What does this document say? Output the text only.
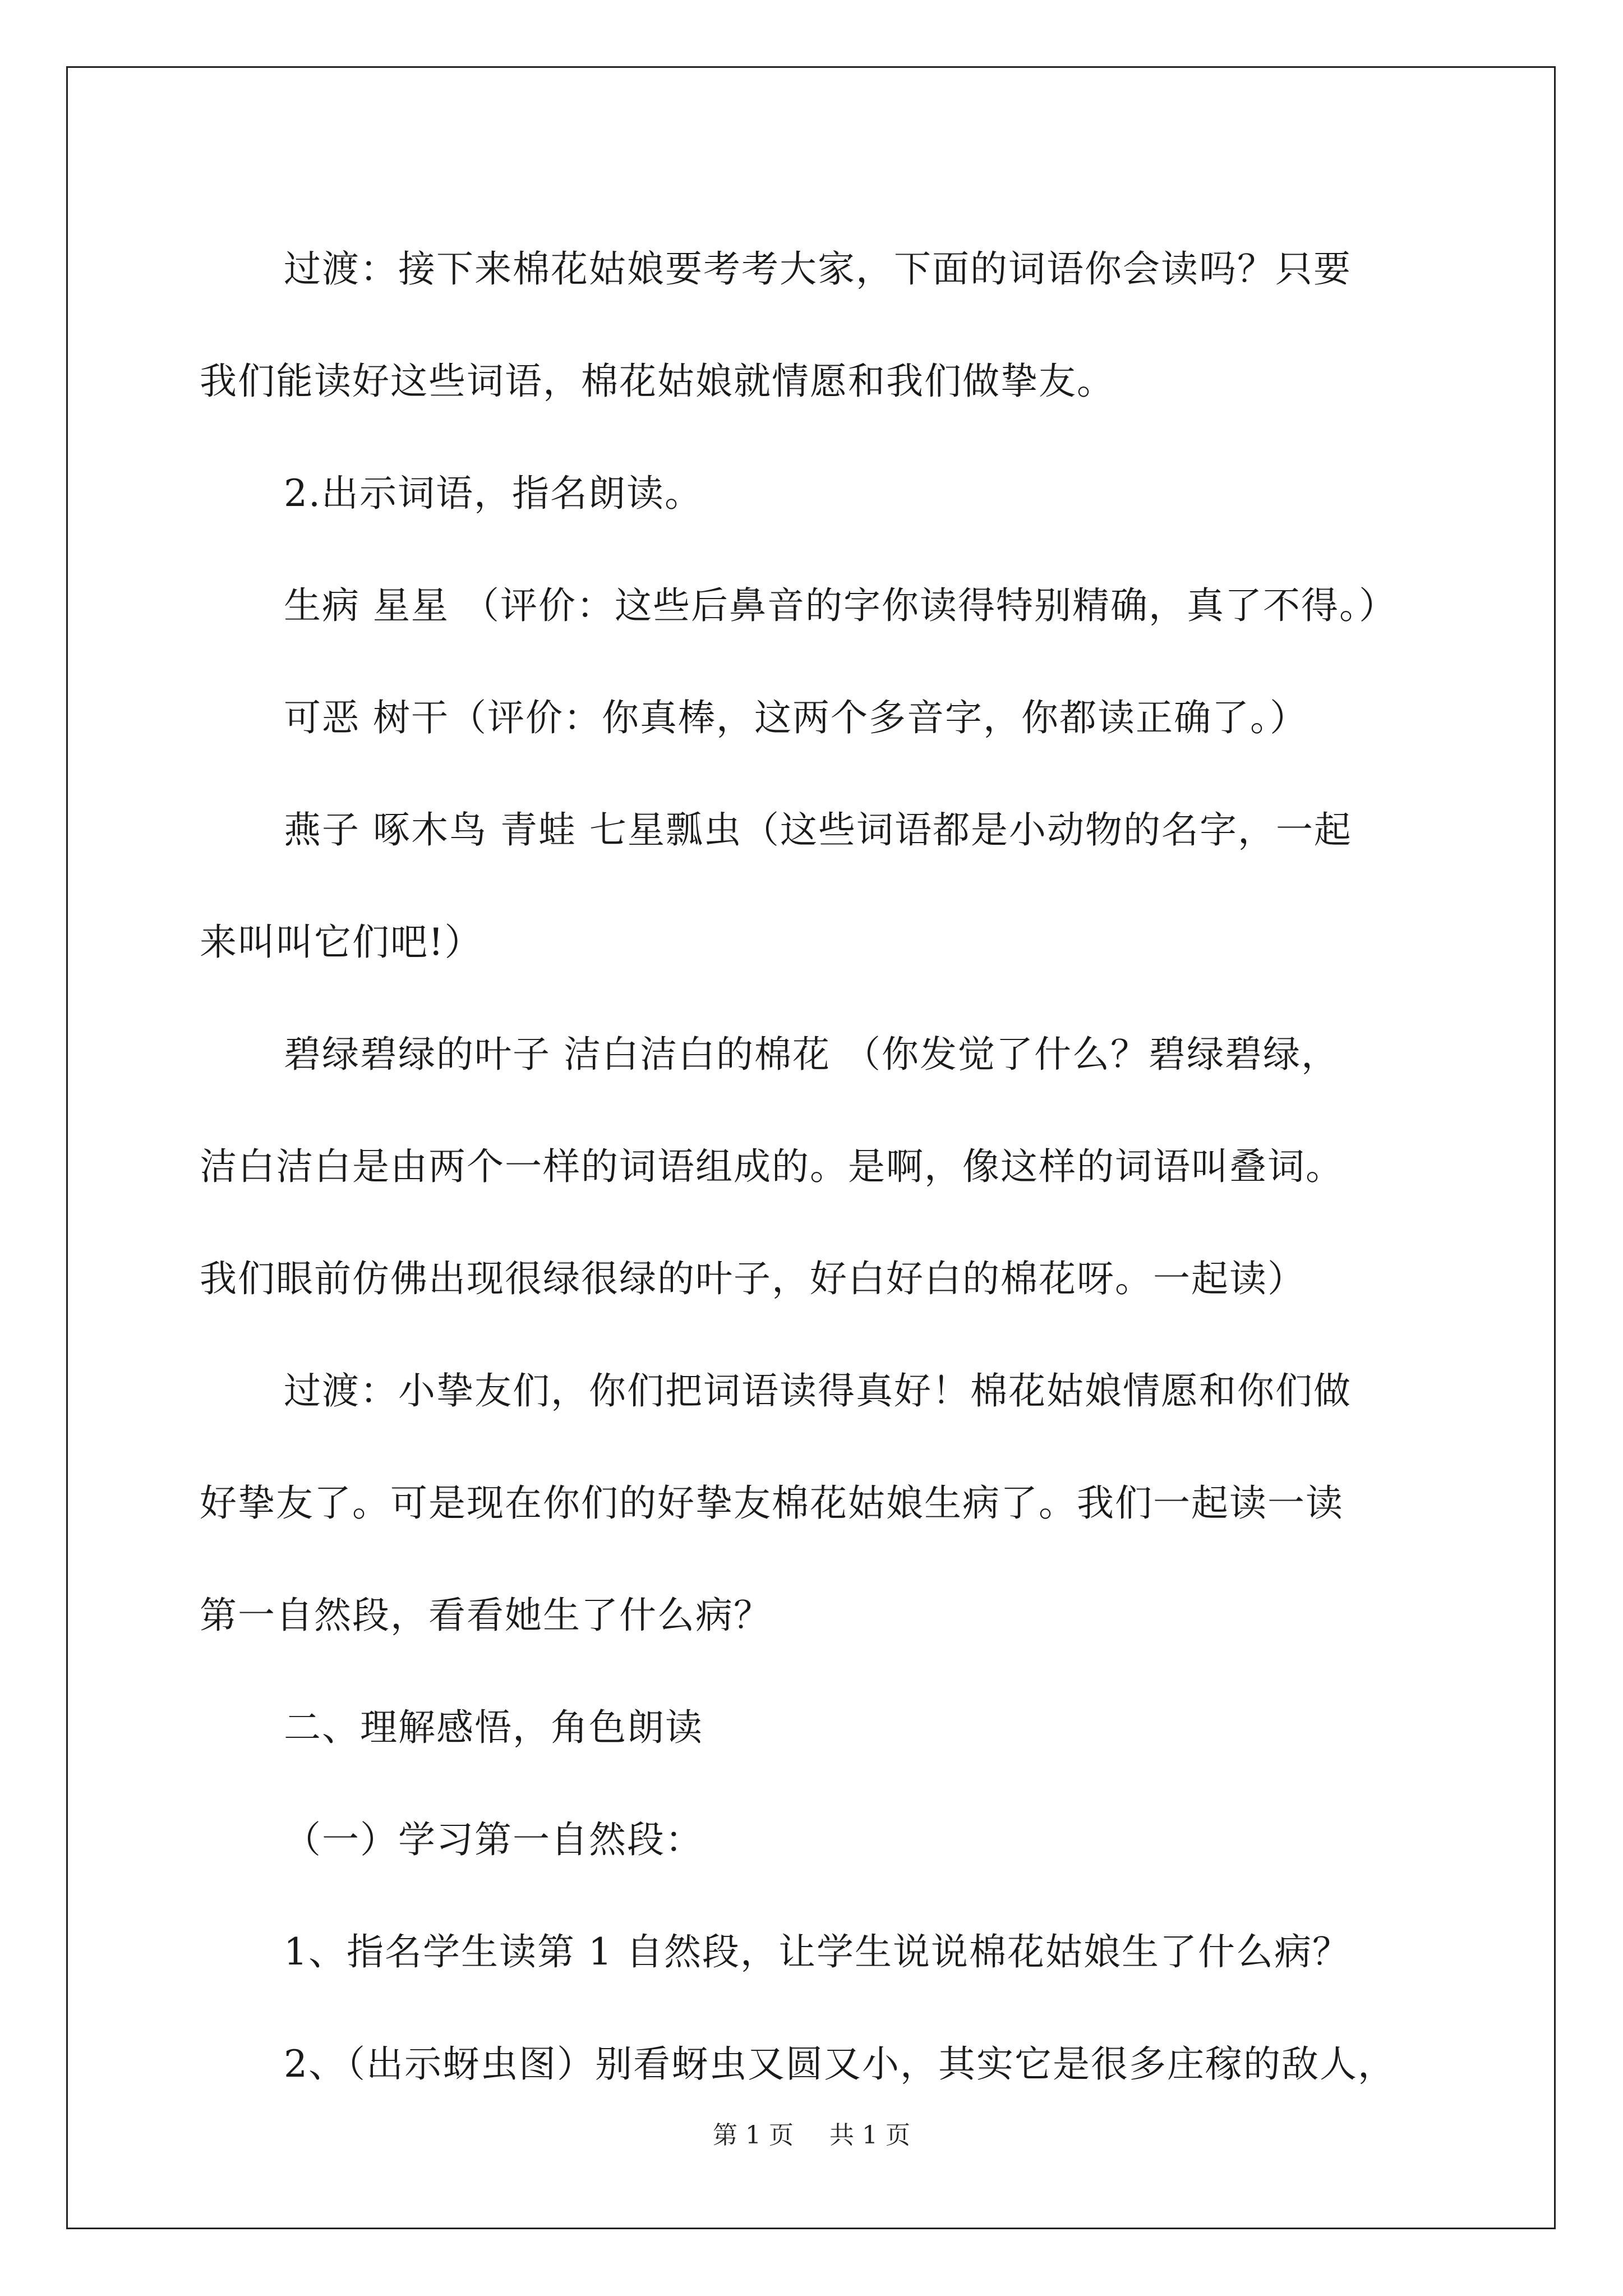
过渡：接下来棉花姑娘要考考大家，下面的词语你会读吗？只要

我们能读好这些词语，棉花姑娘就情愿和我们做挚友。

2.出示词语，指名朗读。

生病 星星 （评价：这些后鼻音的字你读得特别精确，真了不得。）

可恶 树干（评价：你真棒，这两个多音字，你都读正确了。）

燕子 啄木鸟 青蛙 七星瓢虫（这些词语都是小动物的名字，一起

来叫叫它们吧!）

碧绿碧绿的叶子 洁白洁白的棉花 （你发觉了什么？碧绿碧绿，

洁白洁白是由两个一样的词语组成的。是啊，像这样的词语叫叠词。

我们眼前仿佛出现很绿很绿的叶子，好白好白的棉花呀。一起读）

过渡：小挚友们，你们把词语读得真好！棉花姑娘情愿和你们做

好挚友了。可是现在你们的好挚友棉花姑娘生病了。我们一起读一读

第一自然段，看看她生了什么病？

二、理解感悟，角色朗读

（一）学习第一自然段：

1、指名学生读第 1 自然段，让学生说说棉花姑娘生了什么病？

2、（出示蚜虫图）别看蚜虫又圆又小，其实它是很多庄稼的敌人，

第 1 页 共 1 页
